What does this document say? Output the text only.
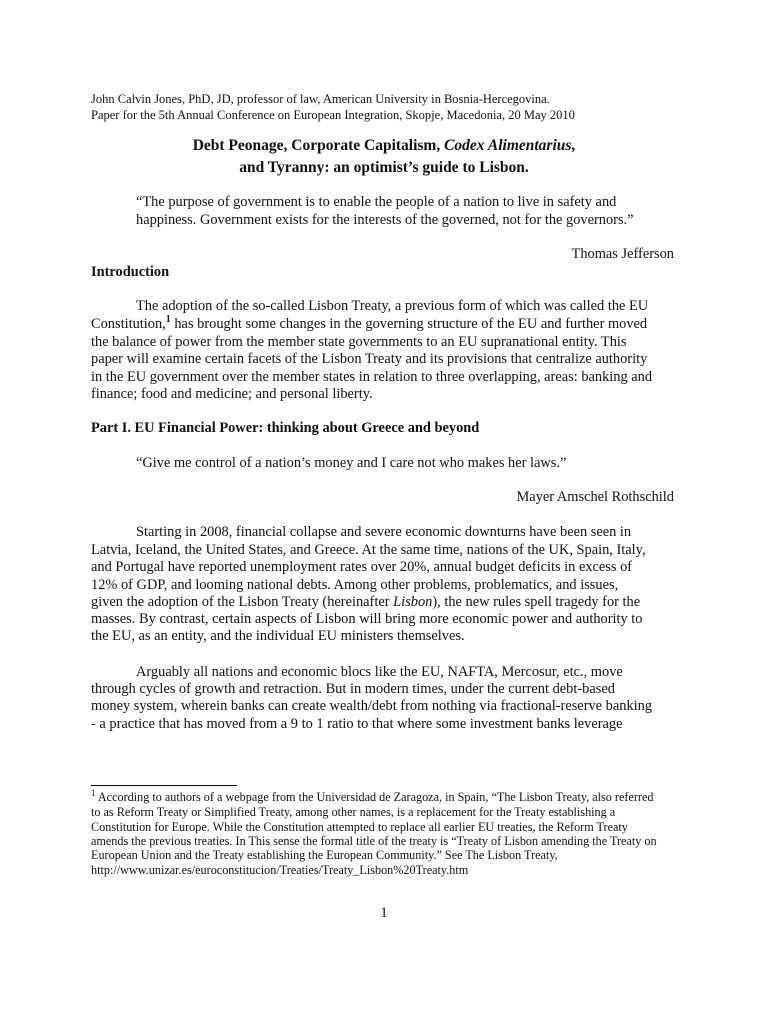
John Calvin Jones, PhD, JD, professor of law, American University in Bosnia-Hercegovina.
Paper for the 5th Annual Conference on European Integration, Skopje, Macedonia, 20 May 2010
Debt Peonage, Corporate Capitalism, Codex Alimentarius,
and Tyranny: an optimist’s guide to Lisbon.
“The purpose of government is to enable the people of a nation to live in safety and happiness. Government exists for the interests of the governed, not for the governors.”
Thomas Jefferson
Introduction
The adoption of the so-called Lisbon Treaty, a previous form of which was called the EU
Constitution,$^1$ has brought some changes in the governing structure of the EU and further moved
the balance of power from the member state governments to an EU supranational entity. This
paper will examine certain facets of the Lisbon Treaty and its provisions that centralize authority
in the EU government over the member states in relation to three overlapping, areas: banking and
finance; food and medicine; and personal liberty.
Part I. EU Financial Power: thinking about Greece and beyond
“Give me control of a nation’s money and I care not who makes her laws.”
Mayer Amschel Rothschild
Starting in 2008, financial collapse and severe economic downturns have been seen in
Latvia, Iceland, the United States, and Greece. At the same time, nations of the UK, Spain, Italy,
and Portugal have reported unemployment rates over 20%, annual budget deficits in excess of
12% of GDP, and looming national debts. Among other problems, problematics, and issues,
given the adoption of the Lisbon Treaty (hereinafter Lisbon), the new rules spell tragedy for the
masses. By contrast, certain aspects of Lisbon will bring more economic power and authority to
the EU, as an entity, and the individual EU ministers themselves.
Arguably all nations and economic blocs like the EU, NAFTA, Mercosur, etc., move
through cycles of growth and retraction. But in modern times, under the current debt-based
money system, wherein banks can create wealth/debt from nothing via fractional-reserve banking
- a practice that has moved from a 9 to 1 ratio to that where some investment banks leverage
$^1$ According to authors of a webpage from the Universidad de Zaragoza, in Spain, “The Lisbon Treaty, also referred
to as Reform Treaty or Simplified Treaty, among other names, is a replacement for the Treaty establishing a
Constitution for Europe. While the Constitution attempted to replace all earlier EU treaties, the Reform Treaty
amends the previous treaties. In This sense the formal title of the treaty is “Treaty of Lisbon amending the Treaty on
European Union and the Treaty establishing the European Community.” See The Lisbon Treaty,
http://www.unizar.es/euroconstitucion/Treaties/Treaty_Lisbon%20Treaty.htm
1
